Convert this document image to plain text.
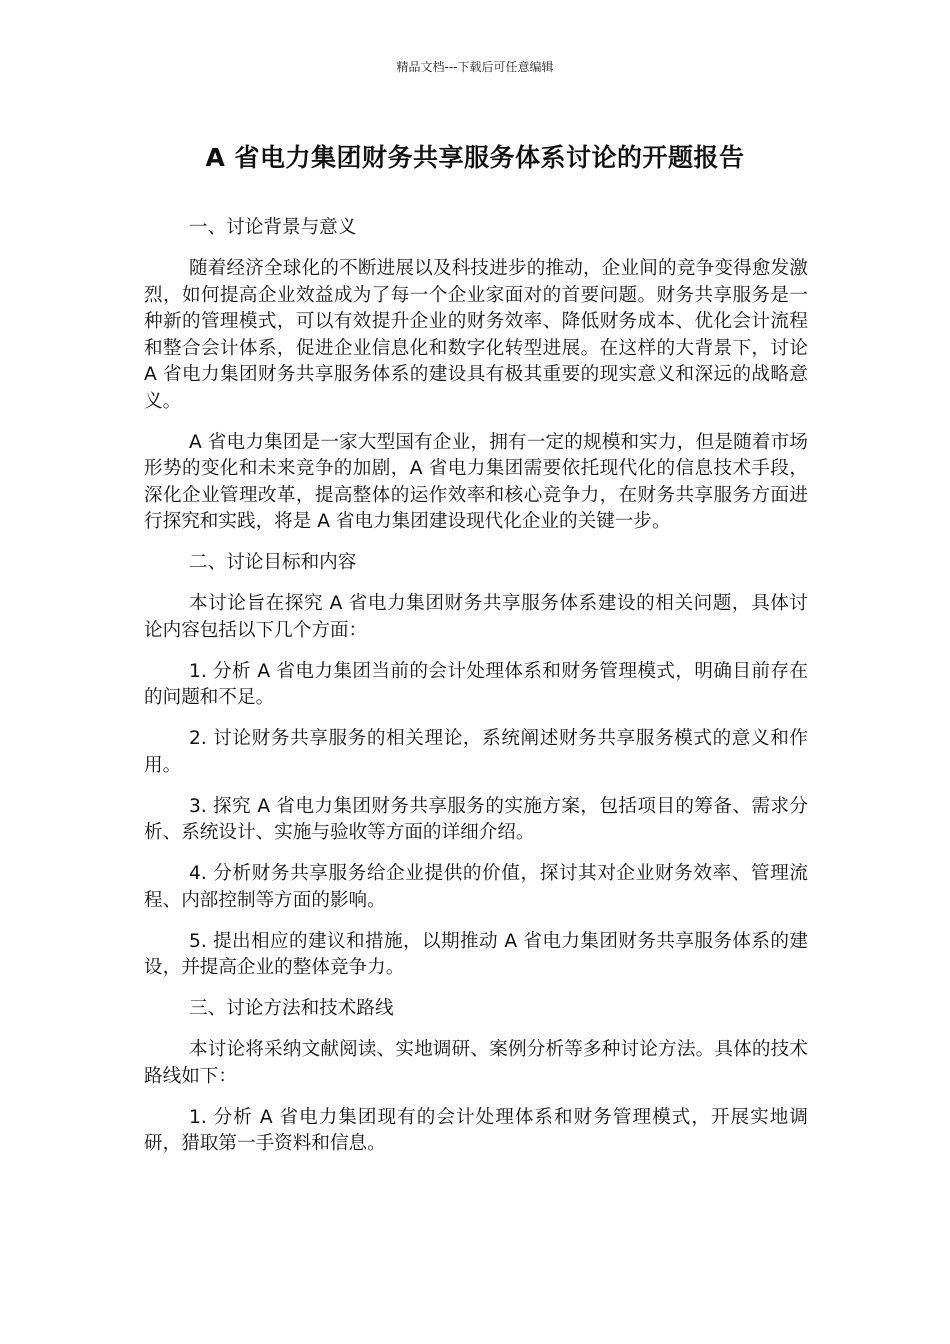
精品文档---下载后可任意编辑
A 省电力集团财务共享服务体系讨论的开题报告

一、讨论背景与意义

随着经济全球化的不断进展以及科技进步的推动，企业间的竞争变得愈发激烈，如何提高企业效益成为了每一个企业家面对的首要问题。财务共享服务是一种新的管理模式，可以有效提升企业的财务效率、降低财务成本、优化会计流程和整合会计体系，促进企业信息化和数字化转型进展。在这样的大背景下，讨论 A 省电力集团财务共享服务体系的建设具有极其重要的现实意义和深远的战略意义。

A 省电力集团是一家大型国有企业，拥有一定的规模和实力，但是随着市场形势的变化和未来竞争的加剧，A 省电力集团需要依托现代化的信息技术手段，深化企业管理改革，提高整体的运作效率和核心竞争力，在财务共享服务方面进行探究和实践，将是 A 省电力集团建设现代化企业的关键一步。

二、讨论目标和内容

本讨论旨在探究 A 省电力集团财务共享服务体系建设的相关问题，具体讨论内容包括以下几个方面：

1. 分析 A 省电力集团当前的会计处理体系和财务管理模式，明确目前存在的问题和不足。

2. 讨论财务共享服务的相关理论，系统阐述财务共享服务模式的意义和作用。

3. 探究 A 省电力集团财务共享服务的实施方案，包括项目的筹备、需求分析、系统设计、实施与验收等方面的详细介绍。

4. 分析财务共享服务给企业提供的价值，探讨其对企业财务效率、管理流程、内部控制等方面的影响。

5. 提出相应的建议和措施，以期推动 A 省电力集团财务共享服务体系的建设，并提高企业的整体竞争力。

三、讨论方法和技术路线

本讨论将采纳文献阅读、实地调研、案例分析等多种讨论方法。具体的技术路线如下：

1. 分析 A 省电力集团现有的会计处理体系和财务管理模式，开展实地调研，猎取第一手资料和信息。
